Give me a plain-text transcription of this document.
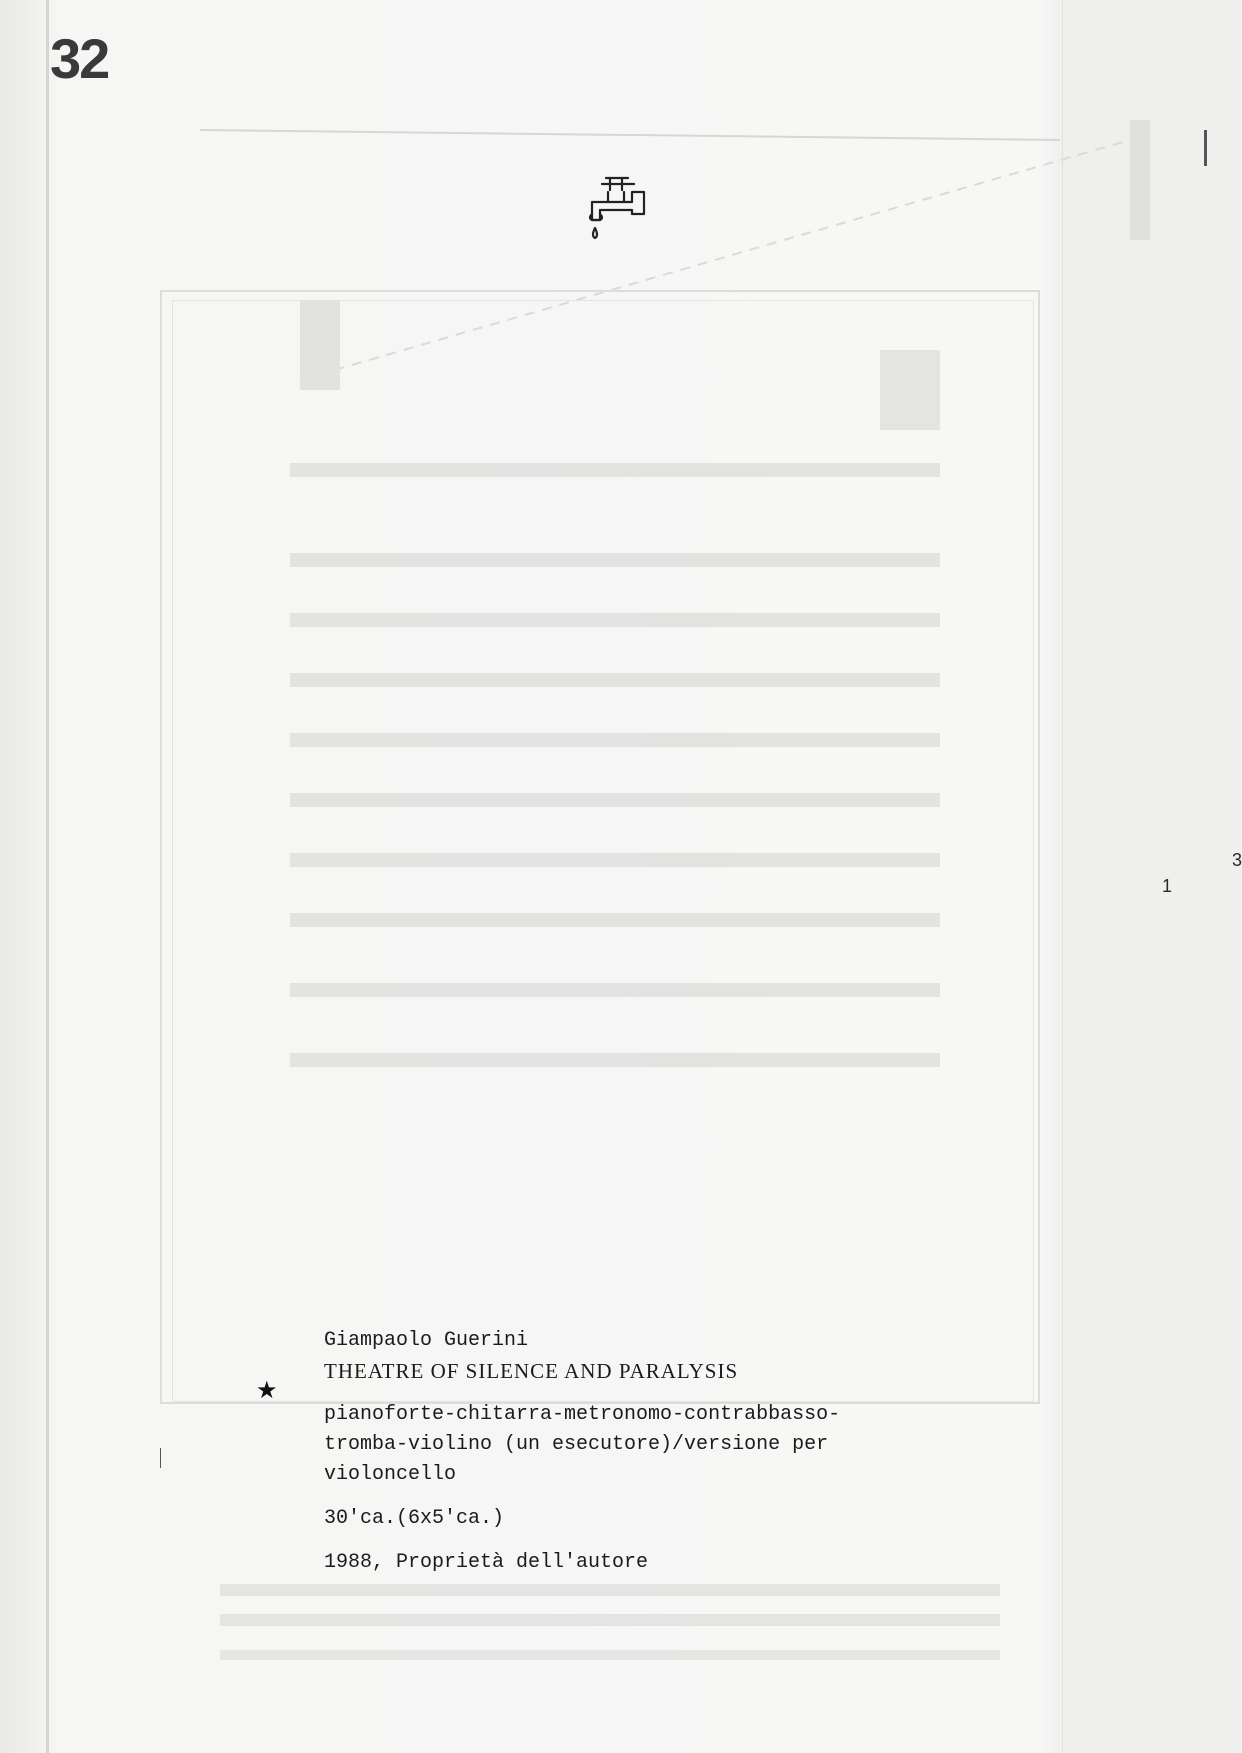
32
1
3
★
Giampaolo Guerini
THEATRE OF SILENCE AND PARALYSIS
pianoforte-chitarra-metronomo-contrabbasso-
tromba-violino (un esecutore)/versione per
violoncello
30'ca.(6x5'ca.)
1988, Proprietà dell'autore
